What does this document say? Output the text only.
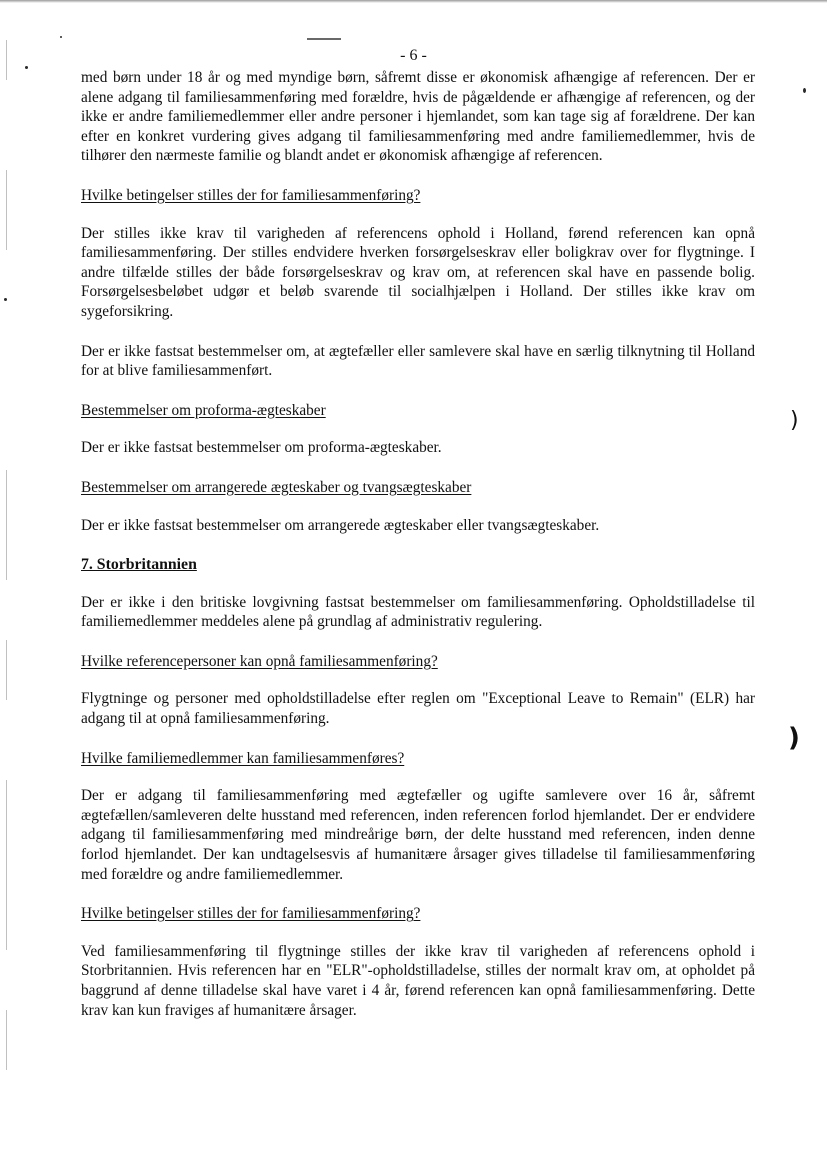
)
)
- 6 -

med børn under 18 år og med myndige børn, såfremt disse er økonomisk afhængige af referencen. Der er alene adgang til familiesammenføring med forældre, hvis de pågældende er afhængige af referencen, og der ikke er andre familiemedlemmer eller andre personer i hjemlandet, som kan tage sig af forældrene. Der kan efter en konkret vurdering gives adgang til familiesammenføring med andre familiemedlemmer, hvis de tilhører den nærmeste familie og blandt andet er økonomisk afhængige af referencen.

Hvilke betingelser stilles der for familiesammenføring?

Der stilles ikke krav til varigheden af referencens ophold i Holland, førend referencen kan opnå familiesammenføring. Der stilles endvidere hverken forsørgelseskrav eller boligkrav over for flygtninge. I andre tilfælde stilles der både forsørgelseskrav og krav om, at referencen skal have en passende bolig. Forsørgelsesbeløbet udgør et beløb svarende til socialhjælpen i Holland. Der stilles ikke krav om sygeforsikring.

Der er ikke fastsat bestemmelser om, at ægtefæller eller samlevere skal have en særlig tilknytning til Holland for at blive familiesammenført.

Bestemmelser om proforma-ægteskaber

Der er ikke fastsat bestemmelser om proforma-ægteskaber.

Bestemmelser om arrangerede ægteskaber og tvangsægteskaber

Der er ikke fastsat bestemmelser om arrangerede ægteskaber eller tvangsægteskaber.

7. Storbritannien

Der er ikke i den britiske lovgivning fastsat bestemmelser om familiesammenføring. Opholdstilladelse til familiemedlemmer meddeles alene på grundlag af administrativ regulering.

Hvilke referencepersoner kan opnå familiesammenføring?

Flygtninge og personer med opholdstilladelse efter reglen om "Exceptional Leave to Remain" (ELR) har adgang til at opnå familiesammenføring.

Hvilke familiemedlemmer kan familiesammenføres?

Der er adgang til familiesammenføring med ægtefæller og ugifte samlevere over 16 år, såfremt ægtefællen/samleveren delte husstand med referencen, inden referencen forlod hjemlandet. Der er endvidere adgang til familiesammenføring med mindreårige børn, der delte husstand med referencen, inden denne forlod hjemlandet. Der kan undtagelsesvis af humanitære årsager gives tilladelse til familiesammenføring med forældre og andre familiemedlemmer.

Hvilke betingelser stilles der for familiesammenføring?

Ved familiesammenføring til flygtninge stilles der ikke krav til varigheden af referencens ophold i Storbritannien. Hvis referencen har en "ELR"-opholdstilladelse, stilles der normalt krav om, at opholdet på baggrund af denne tilladelse skal have varet i 4 år, førend referencen kan opnå familiesammenføring. Dette krav kan kun fraviges af humanitære årsager.
